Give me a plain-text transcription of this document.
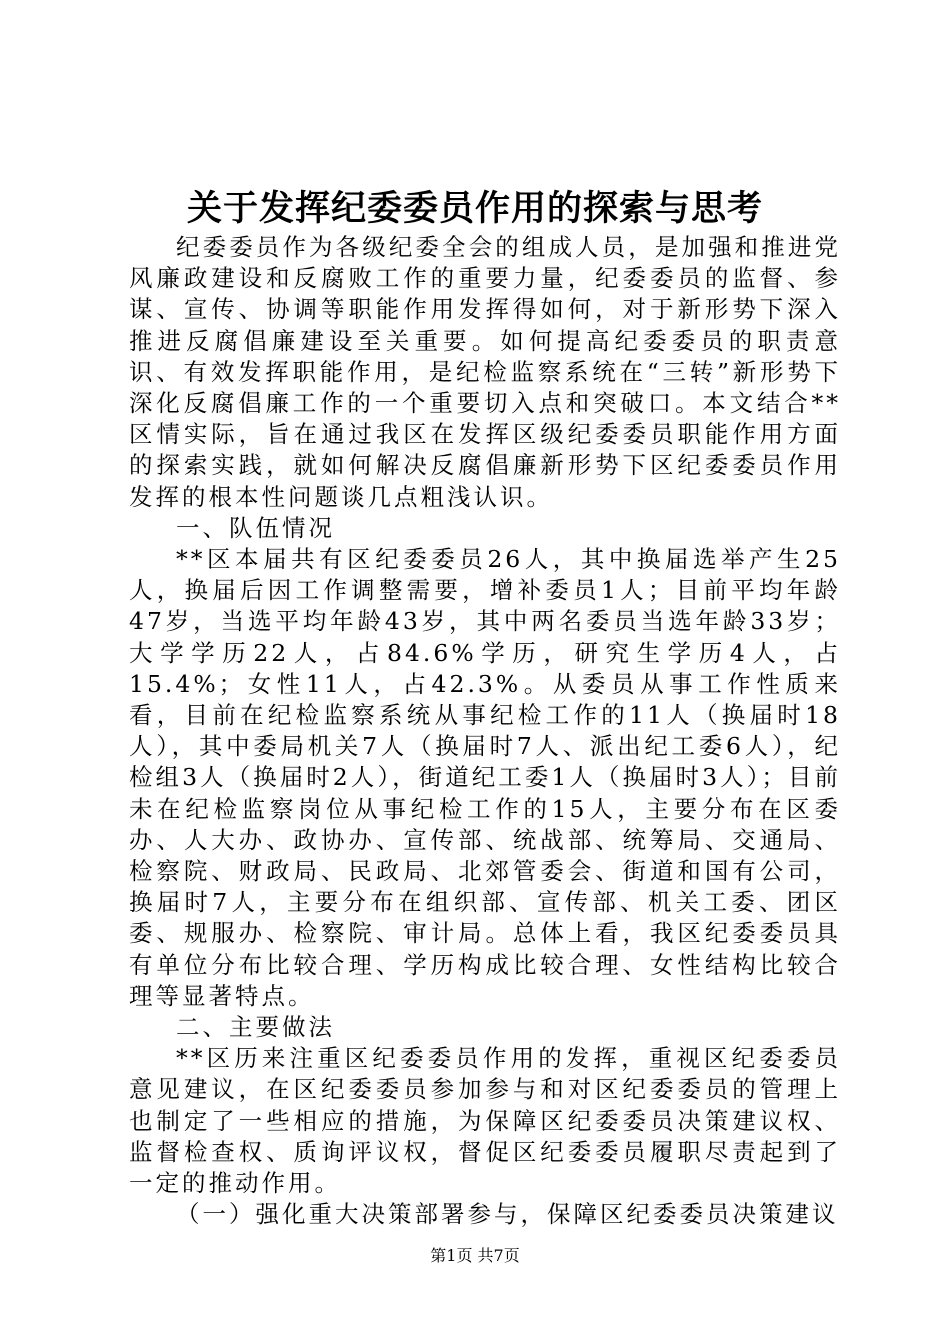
关于发挥纪委委员作用的探索与思考

纪委委员作为各级纪委全会的组成人员，是加强和推进党风廉政建设和反腐败工作的重要力量，纪委委员的监督、参谋、宣传、协调等职能作用发挥得如何，对于新形势下深入推进反腐倡廉建设至关重要。如何提高纪委委员的职责意识、有效发挥职能作用，是纪检监察系统在“三转”新形势下深化反腐倡廉工作的一个重要切入点和突破口。本文结合**区情实际，旨在通过我区在发挥区级纪委委员职能作用方面的探索实践，就如何解决反腐倡廉新形势下区纪委委员作用发挥的根本性问题谈几点粗浅认识。

一、队伍情况

**区本届共有区纪委委员26人，其中换届选举产生25人，换届后因工作调整需要，增补委员1人；目前平均年龄47岁，当选平均年龄43岁，其中两名委员当选年龄33岁；大学学历22人，占84.6%学历，研究生学历4人，占15.4%；女性11人，占42.3%。从委员从事工作性质来看，目前在纪检监察系统从事纪检工作的11人（换届时18人），其中委局机关7人（换届时7人、派出纪工委6人），纪检组3人（换届时2人），街道纪工委1人（换届时3人）；目前未在纪检监察岗位从事纪检工作的15人，主要分布在区委办、人大办、政协办、宣传部、统战部、统筹局、交通局、检察院、财政局、民政局、北郊管委会、街道和国有公司，换届时7人，主要分布在组织部、宣传部、机关工委、团区委、规服办、检察院、审计局。总体上看，我区纪委委员具有单位分布比较合理、学历构成比较合理、女性结构比较合理等显著特点。

二、主要做法

**区历来注重区纪委委员作用的发挥，重视区纪委委员意见建议，在区纪委委员参加参与和对区纪委委员的管理上也制定了一些相应的措施，为保障区纪委委员决策建议权、监督检查权、质询评议权，督促区纪委委员履职尽责起到了一定的推动作用。

（一）强化重大决策部署参与，保障区纪委委员决策建议

第1页 共7页
